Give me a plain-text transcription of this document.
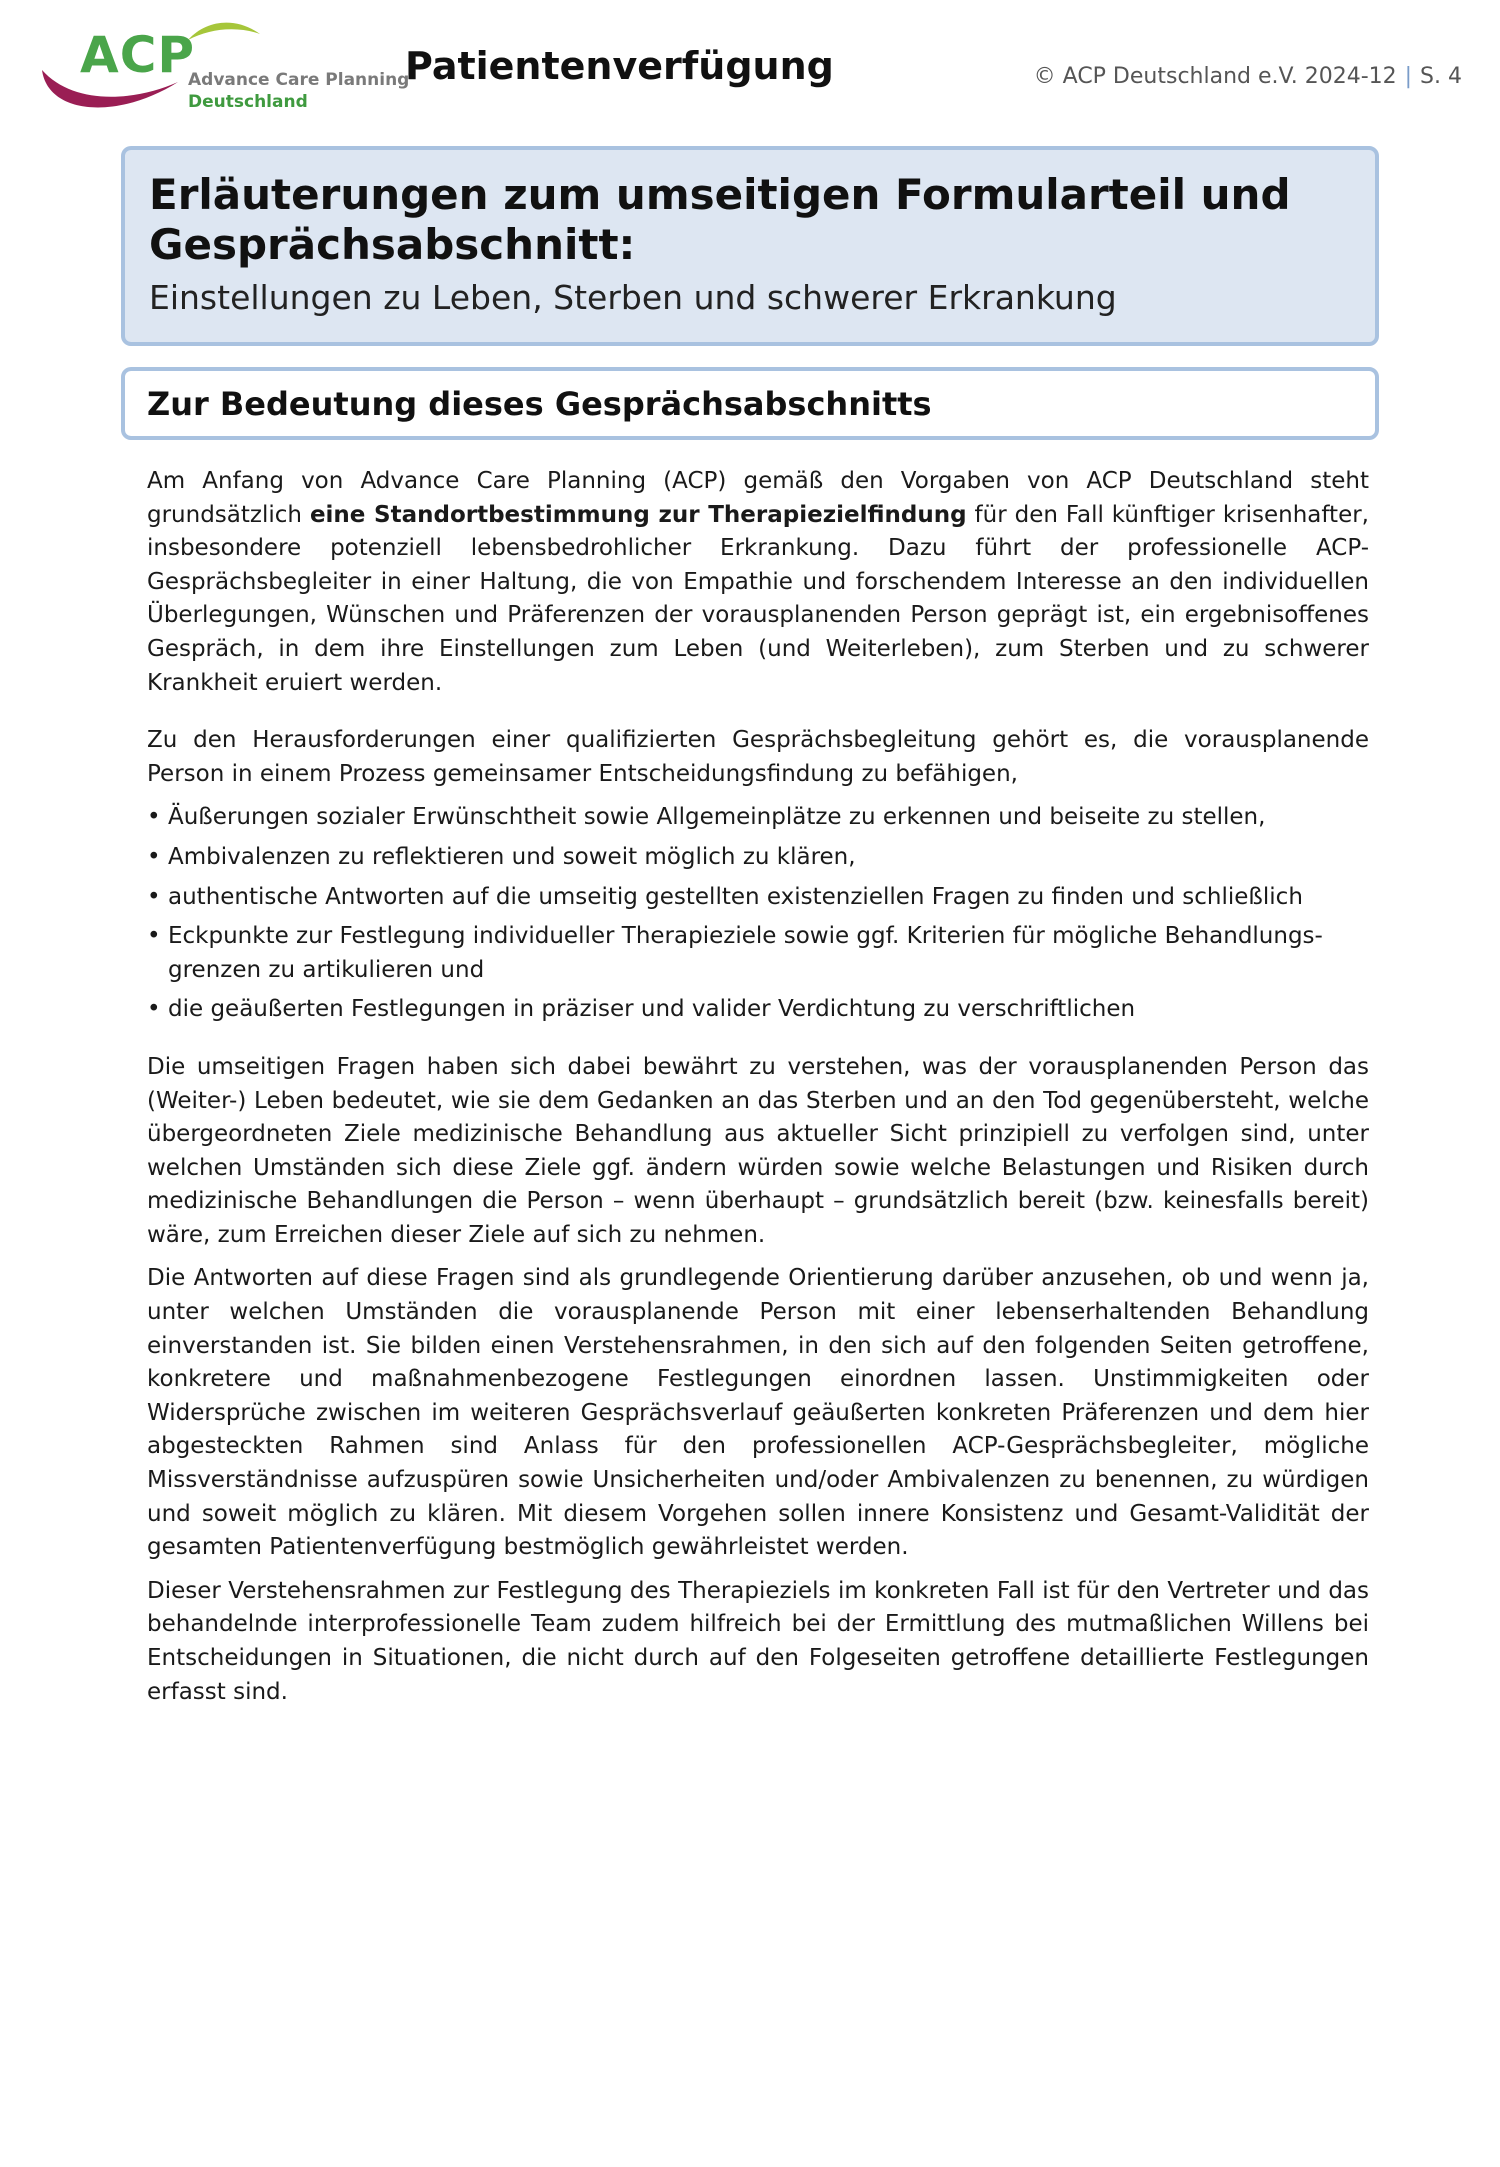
ACP
Advance Care Planning
Deutschland
Patientenverfügung	© ACP Deutschland e.V. 2024-12 | S. 4
Erläuterungen zum umseitigen Formularteil und Gesprächsabschnitt:

Einstellungen zu Leben, Sterben und schwerer Erkrankung

Zur Bedeutung dieses Gesprächsabschnitts

Am Anfang von Advance Care Planning (ACP) gemäß den Vorgaben von ACP Deutschland steht grundsätzlich eine Standortbestimmung zur Therapiezielfindung für den Fall künftiger krisenhafter, insbesondere potenziell lebensbedrohlicher Erkrankung. Dazu führt der professionelle ACP-Gesprächsbegleiter in einer Haltung, die von Empathie und forschendem Interesse an den individuellen Überlegungen, Wünschen und Präferenzen der vorausplanenden Person geprägt ist, ein ergebnisoffenes Gespräch, in dem ihre Einstellungen zum Leben (und Weiterleben), zum Sterben und zu schwerer Krankheit eruiert werden.

Zu den Herausforderungen einer qualifizierten Gesprächsbegleitung gehört es, die vorausplanende Person in einem Prozess gemeinsamer Entscheidungsfindung zu befähigen,

• Äußerungen sozialer Erwünschtheit sowie Allgemeinplätze zu erkennen und beiseite zu stellen,
• Ambivalenzen zu reflektieren und soweit möglich zu klären,
• authentische Antworten auf die umseitig gestellten existenziellen Fragen zu finden und schließlich
• Eckpunkte zur Festlegung individueller Therapieziele sowie ggf. Kriterien für mögliche Behandlungsgrenzen zu artikulieren und
• die geäußerten Festlegungen in präziser und valider Verdichtung zu verschriftlichen

Die umseitigen Fragen haben sich dabei bewährt zu verstehen, was der vorausplanenden Person das (Weiter-) Leben bedeutet, wie sie dem Gedanken an das Sterben und an den Tod gegenübersteht, welche übergeordneten Ziele medizinische Behandlung aus aktueller Sicht prinzipiell zu verfolgen sind, unter welchen Umständen sich diese Ziele ggf. ändern würden sowie welche Belastungen und Risiken durch medizinische Behandlungen die Person – wenn überhaupt – grundsätzlich bereit (bzw. keinesfalls bereit) wäre, zum Erreichen dieser Ziele auf sich zu nehmen.

Die Antworten auf diese Fragen sind als grundlegende Orientierung darüber anzusehen, ob und wenn ja, unter welchen Umständen die vorausplanende Person mit einer lebenserhaltenden Behandlung einverstanden ist. Sie bilden einen Verstehensrahmen, in den sich auf den folgenden Seiten getroffene, konkretere und maßnahmenbezogene Festlegungen einordnen lassen. Unstimmigkeiten oder Widersprüche zwischen im weiteren Gesprächsverlauf geäußerten konkreten Präferenzen und dem hier abgesteckten Rahmen sind Anlass für den professionellen ACP-Gesprächsbegleiter, mögliche Missverständnisse aufzuspüren sowie Unsicherheiten und/oder Ambivalenzen zu benennen, zu würdigen und soweit möglich zu klären. Mit diesem Vorgehen sollen innere Konsistenz und Gesamt-Validität der gesamten Patientenverfügung bestmöglich gewährleistet werden.

Dieser Verstehensrahmen zur Festlegung des Therapieziels im konkreten Fall ist für den Vertreter und das behandelnde interprofessionelle Team zudem hilfreich bei der Ermittlung des mutmaßlichen Willens bei Entscheidungen in Situationen, die nicht durch auf den Folgeseiten getroffene detaillierte Festlegungen erfasst sind.
